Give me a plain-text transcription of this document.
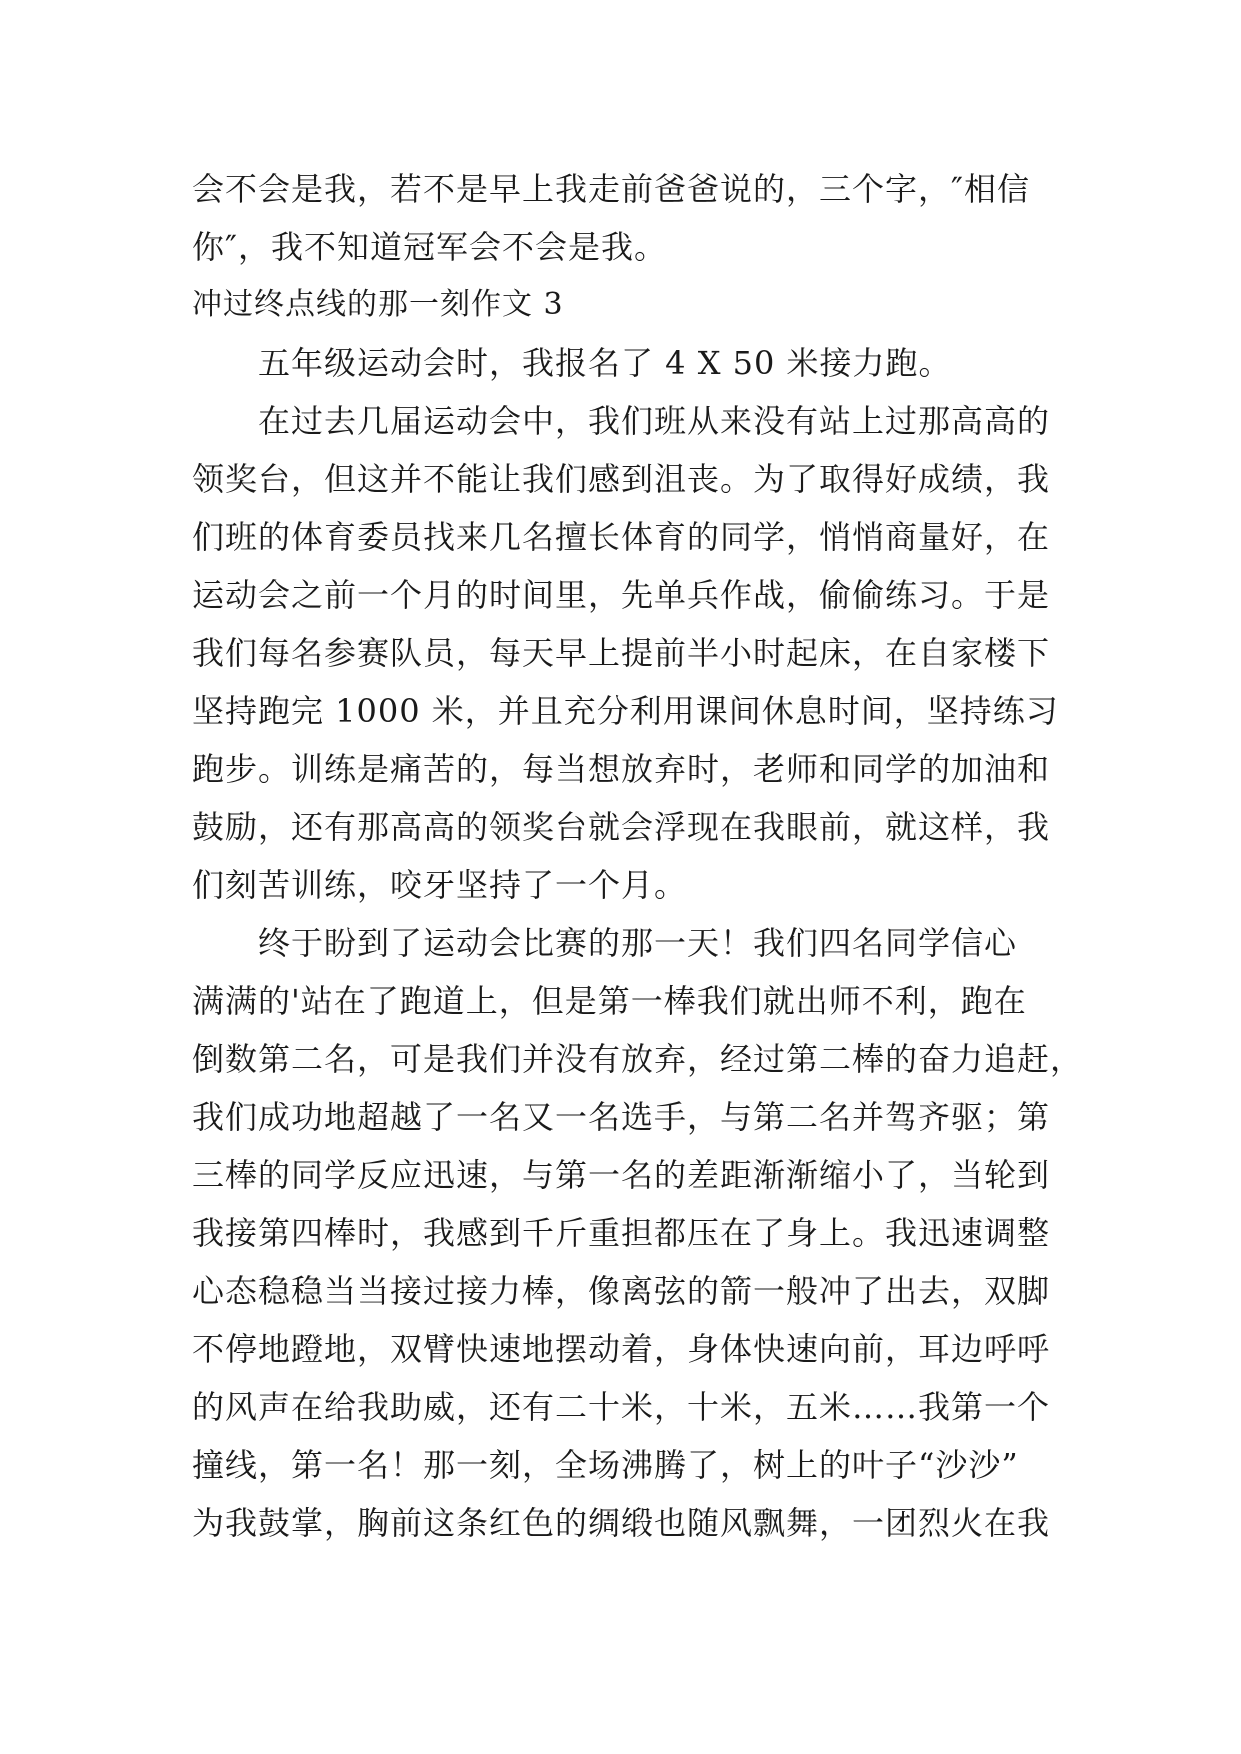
会不会是我，若不是早上我走前爸爸说的，三个字，″相信
你″，我不知道冠军会不会是我。
冲过终点线的那一刻作文 3
五年级运动会时，我报名了 4 X 50 米接力跑。
在过去几届运动会中，我们班从来没有站上过那高高的
领奖台，但这并不能让我们感到沮丧。为了取得好成绩，我
们班的体育委员找来几名擅长体育的同学，悄悄商量好，在
运动会之前一个月的时间里，先单兵作战，偷偷练习。于是
我们每名参赛队员，每天早上提前半小时起床，在自家楼下
坚持跑完 1000 米，并且充分利用课间休息时间，坚持练习
跑步。训练是痛苦的，每当想放弃时，老师和同学的加油和
鼓励，还有那高高的领奖台就会浮现在我眼前，就这样，我
们刻苦训练，咬牙坚持了一个月。
终于盼到了运动会比赛的那一天！我们四名同学信心
满满的'站在了跑道上，但是第一棒我们就出师不利，跑在
倒数第二名，可是我们并没有放弃，经过第二棒的奋力追赶，
我们成功地超越了一名又一名选手，与第二名并驾齐驱；第
三棒的同学反应迅速，与第一名的差距渐渐缩小了，当轮到
我接第四棒时，我感到千斤重担都压在了身上。我迅速调整
心态稳稳当当接过接力棒，像离弦的箭一般冲了出去，双脚
不停地蹬地，双臂快速地摆动着，身体快速向前，耳边呼呼
的风声在给我助威，还有二十米，十米，五米……我第一个
撞线，第一名！那一刻，全场沸腾了，树上的叶子“沙沙”
为我鼓掌，胸前这条红色的绸缎也随风飘舞，一团烈火在我
